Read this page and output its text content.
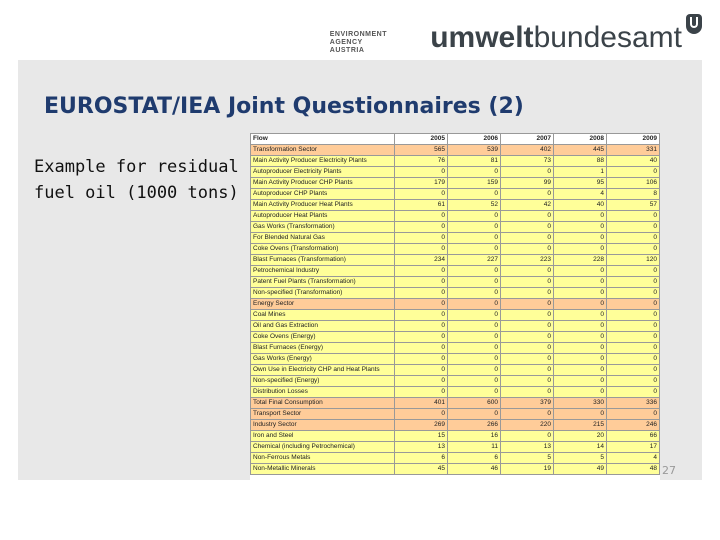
ENVIRONMENT
AGENCY AUSTRIA	umweltbundesamt
EUROSTAT/IEA Joint Questionnaires (2)
Example for residual fuel oil (1000 tons)
Flow	2005	2006	2007	2008	2009
Transformation Sector	565	539	402	445	331
Main Activity Producer Electricity Plants	76	81	73	88	40
Autoproducer Electricity Plants	0	0	0	1	0
Main Activity Producer CHP Plants	179	159	99	95	106
Autoproducer CHP Plants	0	0	0	4	8
Main Activity Producer Heat Plants	61	52	42	40	57
Autoproducer Heat Plants	0	0	0	0	0
Gas Works (Transformation)	0	0	0	0	0
For Blended Natural Gas	0	0	0	0	0
Coke Ovens (Transformation)	0	0	0	0	0
Blast Furnaces (Transformation)	234	227	223	228	120
Petrochemical Industry	0	0	0	0	0
Patent Fuel Plants (Transformation)	0	0	0	0	0
Non-specified (Transformation)	0	0	0	0	0
Energy Sector	0	0	0	0	0
Coal Mines	0	0	0	0	0
Oil and Gas Extraction	0	0	0	0	0
Coke Ovens (Energy)	0	0	0	0	0
Blast Furnaces (Energy)	0	0	0	0	0
Gas Works (Energy)	0	0	0	0	0
Own Use in Electricity CHP and Heat Plants	0	0	0	0	0
Non-specified (Energy)	0	0	0	0	0
Distribution Losses	0	0	0	0	0
Total Final Consumption	401	600	379	330	336
Transport Sector	0	0	0	0	0
Industry Sector	269	266	220	215	246
Iron and Steel	15	16	0	20	66
Chemical (including Petrochemical)	13	11	13	14	17
Non-Ferrous Metals	6	6	5	5	4
Non-Metallic Minerals	45	46	19	49	48 27
